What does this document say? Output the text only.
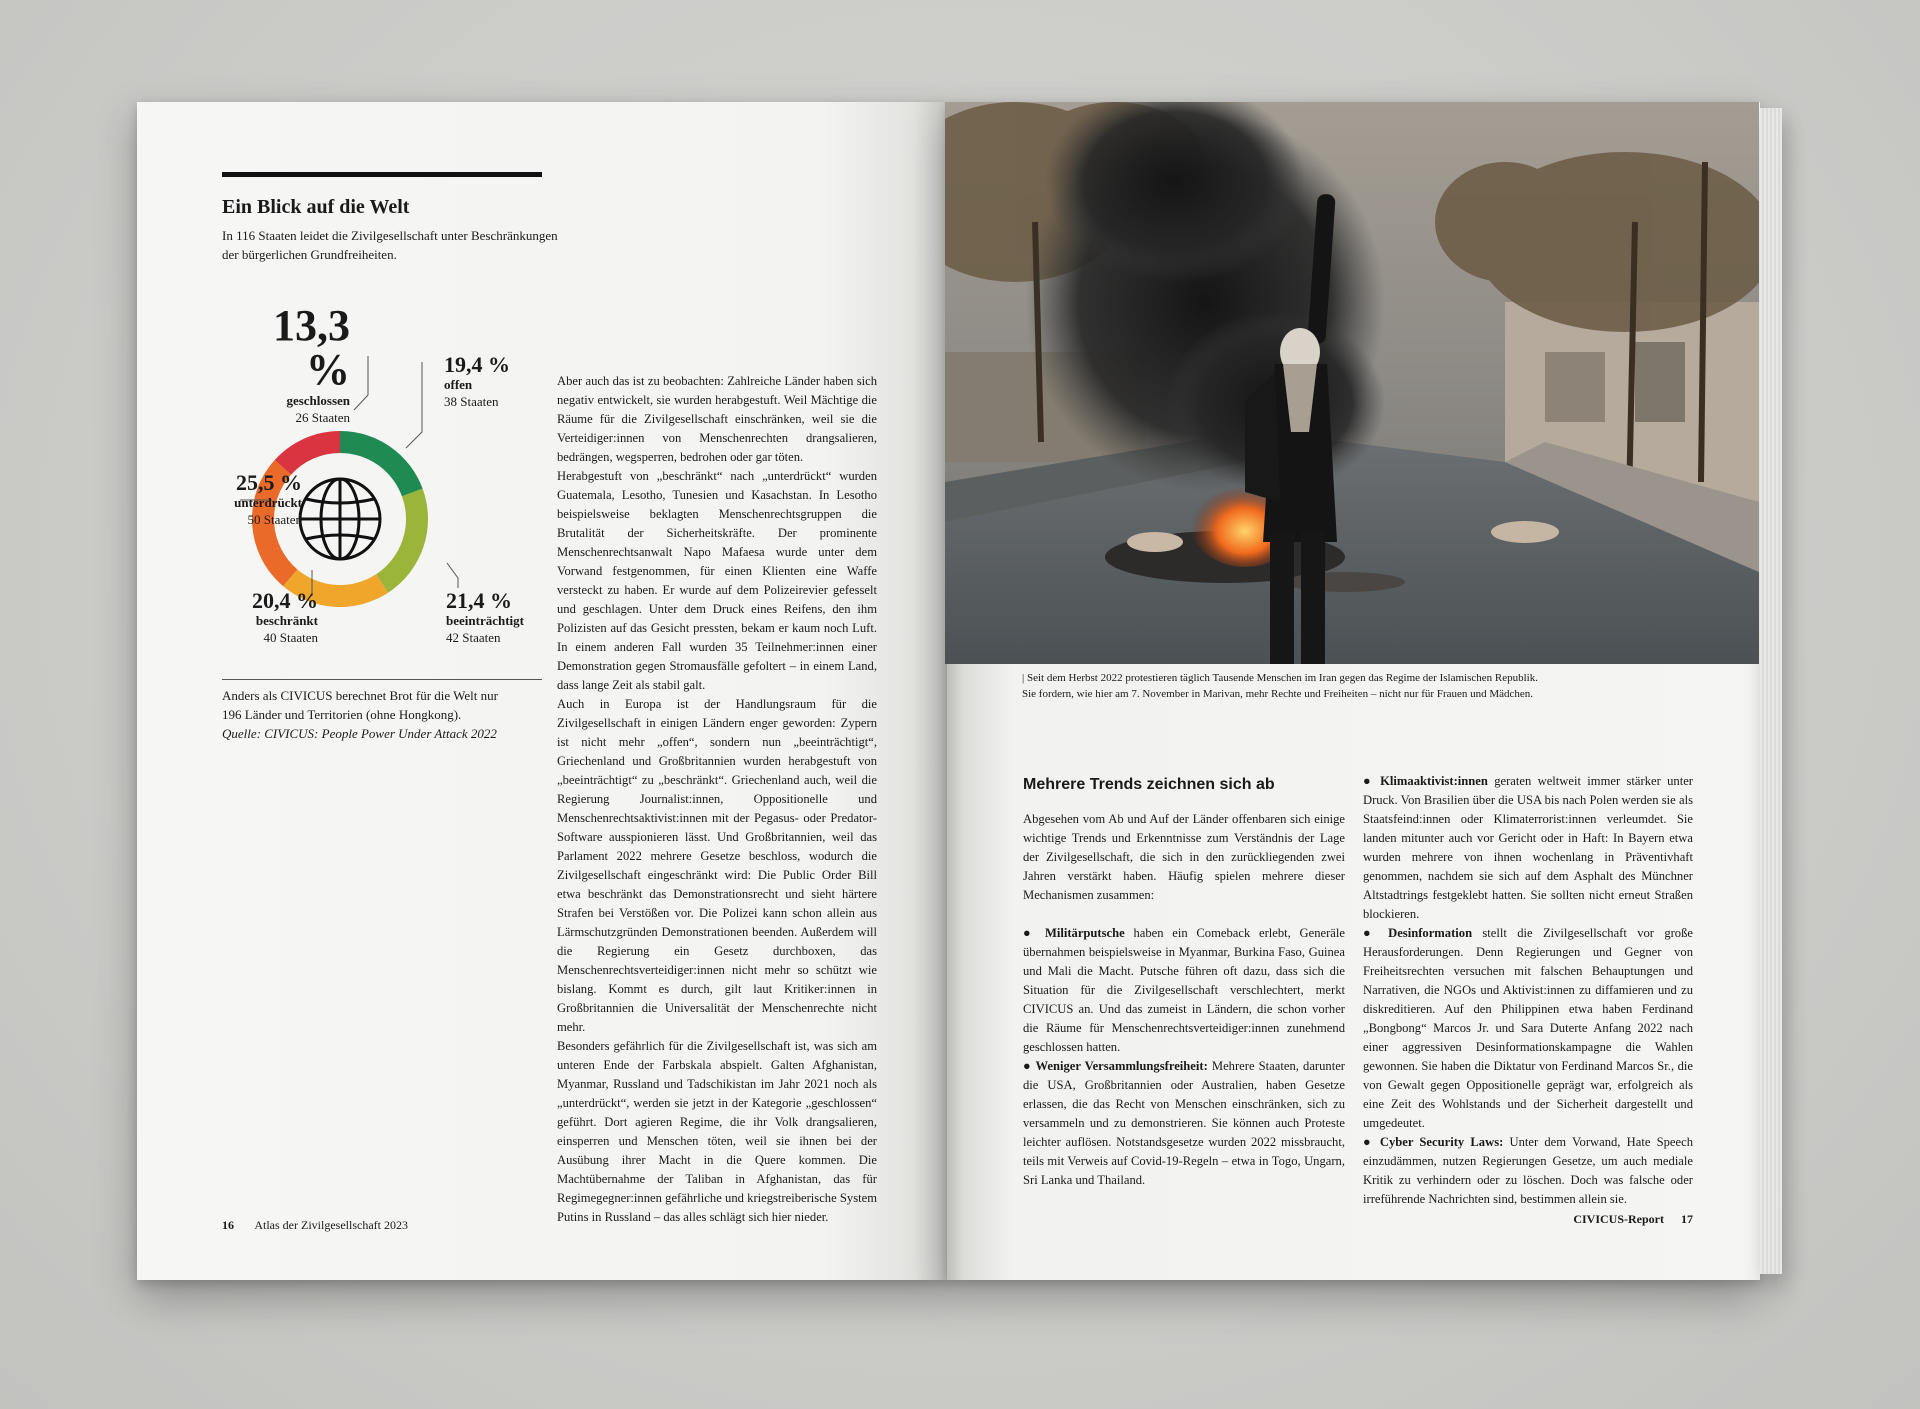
Ein Blick auf die Welt
In 116 Staaten leidet die Zivilgesellschaft unter Beschränkungen der bürgerlichen Grundfreiheiten.
13,3 %
geschlossen
26 Staaten
19,4 %
offen
38 Staaten
25,5 %
unterdrückt
50 Staaten
21,4 %
beeinträchtigt
42 Staaten
20,4 %
beschränkt
40 Staaten
Anders als CIVICUS berechnet Brot für die Welt nur
196 Länder und Territorien (ohne Hongkong).
Quelle: CIVICUS: People Power Under Attack 2022

Aber auch das ist zu beobachten: Zahlreiche Länder haben sich negativ entwickelt, sie wurden herabgestuft. Weil Mächtige die Räume für die Zivilgesellschaft einschränken, weil sie die Verteidiger:innen von Menschenrechten drangsalieren, bedrängen, wegsperren, bedrohen oder gar töten.

Herabgestuft von „beschränkt“ nach „unterdrückt“ wurden Guatemala, Lesotho, Tunesien und Kasachstan. In Lesotho beispielsweise beklagten Menschenrechtsgruppen die Brutalität der Sicherheitskräfte. Der prominente Menschenrechtsanwalt Napo Mafaesa wurde unter dem Vorwand festgenommen, für einen Klienten eine Waffe versteckt zu haben. Er wurde auf dem Polizeirevier gefesselt und geschlagen. Unter dem Druck eines Reifens, den ihm Polizisten auf das Gesicht pressten, bekam er kaum noch Luft. In einem anderen Fall wurden 35 Teilnehmer:innen einer Demonstration gegen Stromausfälle gefoltert – in einem Land, dass lange Zeit als stabil galt.

Auch in Europa ist der Handlungsraum für die Zivilgesellschaft in einigen Ländern enger geworden: Zypern ist nicht mehr „offen“, sondern nun „beeinträchtigt“, Griechenland und Großbritannien wurden herabgestuft von „beeinträchtigt“ zu „beschränkt“. Griechenland auch, weil die Regierung Journalist:innen, Oppositionelle und Menschenrechtsaktivist:innen mit der Pegasus- oder Predator-Software ausspionieren lässt. Und Großbritannien, weil das Parlament 2022 mehrere Gesetze beschloss, wodurch die Zivilgesellschaft eingeschränkt wird: Die Public Order Bill etwa beschränkt das Demonstrationsrecht und sieht härtere Strafen bei Verstößen vor. Die Polizei kann schon allein aus Lärmschutzgründen Demonstrationen beenden. Außerdem will die Regierung ein Gesetz durchboxen, das Menschenrechtsverteidiger:innen nicht mehr so schützt wie bislang. Kommt es durch, gilt laut Kritiker:innen in Großbritannien die Universalität der Menschenrechte nicht mehr.

Besonders gefährlich für die Zivilgesellschaft ist, was sich am unteren Ende der Farbskala abspielt. Galten Afghanistan, Myanmar, Russland und Tadschikistan im Jahr 2021 noch als „unterdrückt“, werden sie jetzt in der Kategorie „geschlossen“ geführt. Dort agieren Regime, die ihr Volk drangsalieren, einsperren und Menschen töten, weil sie ihnen bei der Ausübung ihrer Macht in die Quere kommen. Die Machtübernahme der Taliban in Afghanistan, das für Regimegegner:innen gefährliche und kriegstreiberische System Putins in Russland – das alles schlägt sich hier nieder.

16 Atlas der Zivilgesellschaft 2023
| Seit dem Herbst 2022 protestieren täglich Tausende Menschen im Iran gegen das Regime der Islamischen Republik.
Sie fordern, wie hier am 7. November in Marivan, mehr Rechte und Freiheiten – nicht nur für Frauen und Mädchen.
Mehrere Trends zeichnen sich ab

Abgesehen vom Ab und Auf der Länder offenbaren sich einige wichtige Trends und Erkenntnisse zum Verständnis der Lage der Zivilgesellschaft, die sich in den zurückliegenden zwei Jahren verstärkt haben. Häufig spielen mehrere dieser Mechanismen zusammen:

● Militärputsche haben ein Comeback erlebt, Generäle übernahmen beispielsweise in Myanmar, Burkina Faso, Guinea und Mali die Macht. Putsche führen oft dazu, dass sich die Situation für die Zivilgesellschaft verschlechtert, merkt CIVICUS an. Und das zumeist in Ländern, die schon vorher die Räume für Menschenrechtsverteidiger:innen zunehmend geschlossen hatten.

● Weniger Versammlungsfreiheit: Mehrere Staaten, darunter die USA, Großbritannien oder Australien, haben Gesetze erlassen, die das Recht von Menschen einschränken, sich zu versammeln und zu demonstrieren. Sie können auch Proteste leichter auflösen. Notstandsgesetze wurden 2022 missbraucht, teils mit Verweis auf Covid-19-Regeln – etwa in Togo, Ungarn, Sri Lanka und Thailand.

● Klimaaktivist:innen geraten weltweit immer stärker unter Druck. Von Brasilien über die USA bis nach Polen werden sie als Staatsfeind:innen oder Klimaterrorist:innen verleumdet. Sie landen mitunter auch vor Gericht oder in Haft: In Bayern etwa wurden mehrere von ihnen wochenlang in Präventivhaft genommen, nachdem sie sich auf dem Asphalt des Münchner Altstadtrings festgeklebt hatten. Sie sollten nicht erneut Straßen blockieren.

● Desinformation stellt die Zivilgesellschaft vor große Herausforderungen. Denn Regierungen und Gegner von Freiheitsrechten versuchen mit falschen Behauptungen und Narrativen, die NGOs und Aktivist:innen zu diffamieren und zu diskreditieren. Auf den Philippinen etwa haben Ferdinand „Bongbong“ Marcos Jr. und Sara Duterte Anfang 2022 nach einer aggressiven Desinformationskampagne die Wahlen gewonnen. Sie haben die Diktatur von Ferdinand Marcos Sr., die von Gewalt gegen Oppositionelle geprägt war, erfolgreich als eine Zeit des Wohlstands und der Sicherheit dargestellt und umgedeutet.

● Cyber Security Laws: Unter dem Vorwand, Hate Speech einzudämmen, nutzen Regierungen Gesetze, um auch mediale Kritik zu verhindern oder zu löschen. Doch was falsche oder irreführende Nachrichten sind, bestimmen allein sie.

CIVICUS-Report 17
